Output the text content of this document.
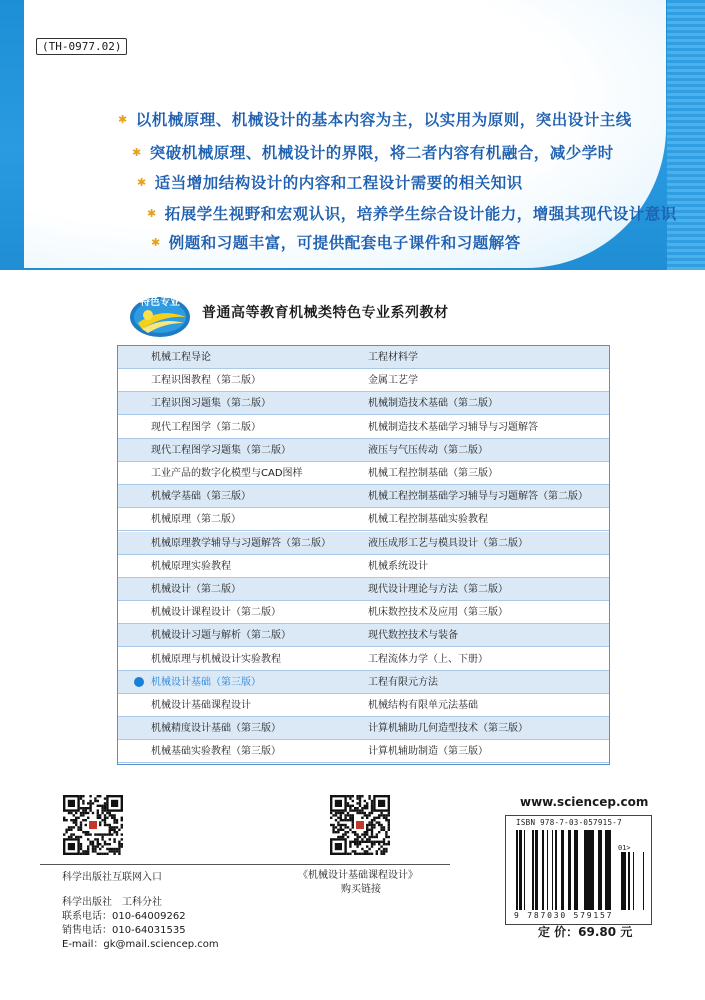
(TH-0977.02)
✱ 以机械原理、机械设计的基本内容为主，以实用为原则，突出设计主线
✱ 突破机械原理、机械设计的界限，将二者内容有机融合，减少学时
✱ 适当增加结构设计的内容和工程设计需要的相关知识
✱ 拓展学生视野和宏观认识，培养学生综合设计能力，增强其现代设计意识
✱ 例题和习题丰富，可提供配套电子课件和习题解答
特色专业
普通高等教育机械类特色专业系列教材
机械工程导论	工程材料学
工程识图教程（第二版）	金属工艺学
工程识图习题集（第二版）	机械制造技术基础（第二版）
现代工程图学（第二版）	机械制造技术基础学习辅导与习题解答
现代工程图学习题集（第二版）	液压与气压传动（第二版）
工业产品的数字化模型与CAD图样	机械工程控制基础（第三版）
机械学基础（第三版）	机械工程控制基础学习辅导与习题解答（第二版）
机械原理（第二版）	机械工程控制基础实验教程
机械原理教学辅导与习题解答（第二版）	液压成形工艺与模具设计（第二版）
机械原理实验教程	机械系统设计
机械设计（第二版）	现代设计理论与方法（第二版）
机械设计课程设计（第二版）	机床数控技术及应用（第三版）
机械设计习题与解析（第二版）	现代数控技术与装备
机械原理与机械设计实验教程	工程流体力学（上、下册）
机械设计基础（第三版）	工程有限元方法
机械设计基础课程设计	机械结构有限单元法基础
机械精度设计基础（第三版）	计算机辅助几何造型技术（第三版）
机械基础实验教程（第三版）	计算机辅助制造（第三版）
www.sciencep.com
ISBN 978-7-03-057915-7
01>
9 787030 579157
科学出版社互联网入口	《机械设计基础课程设计》
购买链接
科学出版社　工科分社
联系电话：010-64009262
销售电话：010-64031535
E-mail：gk@mail.sciencep.com
定 价：69.80 元
